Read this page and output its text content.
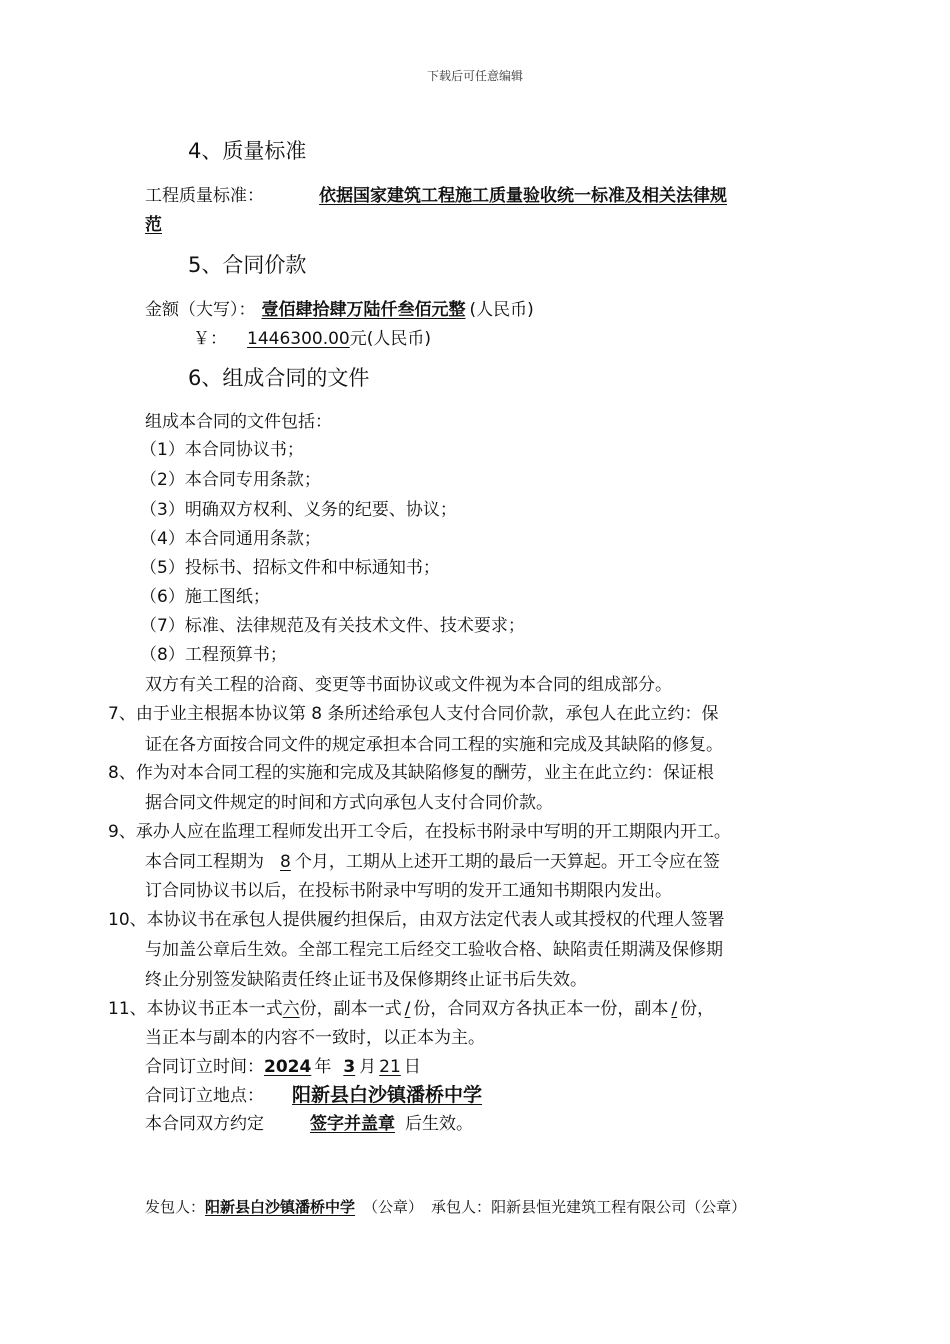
下载后可任意编辑
4、质量标准
工程质量标准：	依据国家建筑工程施工质量验收统一标准及相关法律规
范
5、合同价款
金额（大写）： 壹佰肆拾肆万陆仟叁佰元整 (人民币)
￥： 1446300.00元(人民币)
6、组成合同的文件
组成本合同的文件包括：
（1）本合同协议书；
（2）本合同专用条款；
（3）明确双方权利、义务的纪要、协议；
（4）本合同通用条款；
（5）投标书、招标文件和中标通知书；
（6）施工图纸；
（7）标准、法律规范及有关技术文件、技术要求；
（8）工程预算书；
双方有关工程的洽商、变更等书面协议或文件视为本合同的组成部分。
7、由于业主根据本协议第 8 条所述给承包人支付合同价款，承包人在此立约：保
证在各方面按合同文件的规定承担本合同工程的实施和完成及其缺陷的修复。
8、作为对本合同工程的实施和完成及其缺陷修复的酬劳，业主在此立约：保证根
据合同文件规定的时间和方式向承包人支付合同价款。
9、承办人应在监理工程师发出开工令后，在投标书附录中写明的开工期限内开工。
本合同工程期为 8 个月，工期从上述开工期的最后一天算起。开工令应在签
订合同协议书以后，在投标书附录中写明的发开工通知书期限内发出。
10、本协议书在承包人提供履约担保后，由双方法定代表人或其授权的代理人签署
与加盖公章后生效。全部工程完工后经交工验收合格、缺陷责任期满及保修期
终止分别签发缺陷责任终止证书及保修期终止证书后失效。
11、本协议书正本一式六份，副本一式 / 份，合同双方各执正本一份，副本 / 份，
当正本与副本的内容不一致时，以正本为主。
合同订立时间：2024 年 3 月 21 日
合同订立地点： 阳新县白沙镇潘桥中学
本合同双方约定	签字并盖章 后生效。
发包人：阳新县白沙镇潘桥中学 （公章） 承包人：阳新县恒光建筑工程有限公司（公章）
